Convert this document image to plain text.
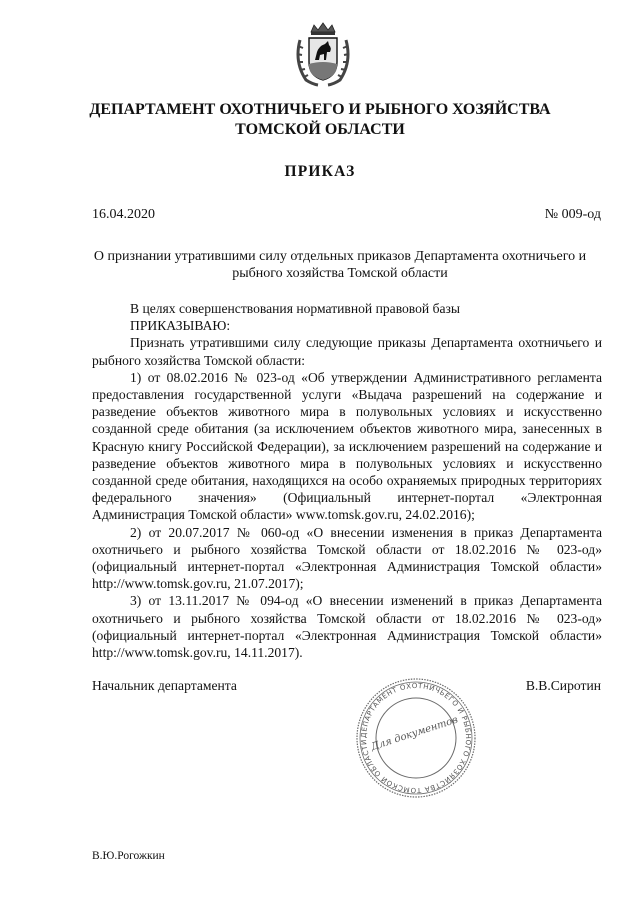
ДЕПАРТАМЕНТ ОХОТНИЧЬЕГО И РЫБНОГО ХОЗЯЙСТВА
ТОМСКОЙ ОБЛАСТИ
ПРИКАЗ
16.04.2020	№ 009-од
О признании утратившими силу отдельных приказов Департамента охотничьего и
рыбного хозяйства Томской области

В целях совершенствования нормативной правовой базы

ПРИКАЗЫВАЮ:

Признать утратившими силу следующие приказы Департамента охотничьего и рыбного хозяйства Томской области:

1) от 08.02.2016 № 023-од «Об утверждении Административного регламента предоставления государственной услуги «Выдача разрешений на содержание и разведение объектов животного мира в полувольных условиях и искусственно созданной среде обитания (за исключением объектов животного мира, занесенных в Красную книгу Российской Федерации), за исключением разрешений на содержание и разведение объектов животного мира в полувольных условиях и искусственно созданной среде обитания, находящихся на особо охраняемых природных территориях федерального значения» (Официальный интернет-портал «Электронная Администрация Томской области» www.tomsk.gov.ru, 24.02.2016);

2) от 20.07.2017 № 060-од «О внесении изменения в приказ Департамента охотничьего и рыбного хозяйства Томской области от 18.02.2016 № 023-од» (официальный интернет-портал «Электронная Администрация Томской области» http://www.tomsk.gov.ru, 21.07.2017);

3) от 13.11.2017 № 094-од «О внесении изменений в приказ Департамента охотничьего и рыбного хозяйства Томской области от 18.02.2016 № 023-од» (официальный интернет-портал «Электронная Администрация Томской области» http://www.tomsk.gov.ru, 14.11.2017).

Начальник департамента	В.В.Сиротин
ДЕПАРТАМЕНТ ОХОТНИЧЬЕГО И РЫБНОГО ХОЗЯЙСТВА ТОМСКОЙ ОБЛАСТИ Для документов
В.Ю.Рогожкин
